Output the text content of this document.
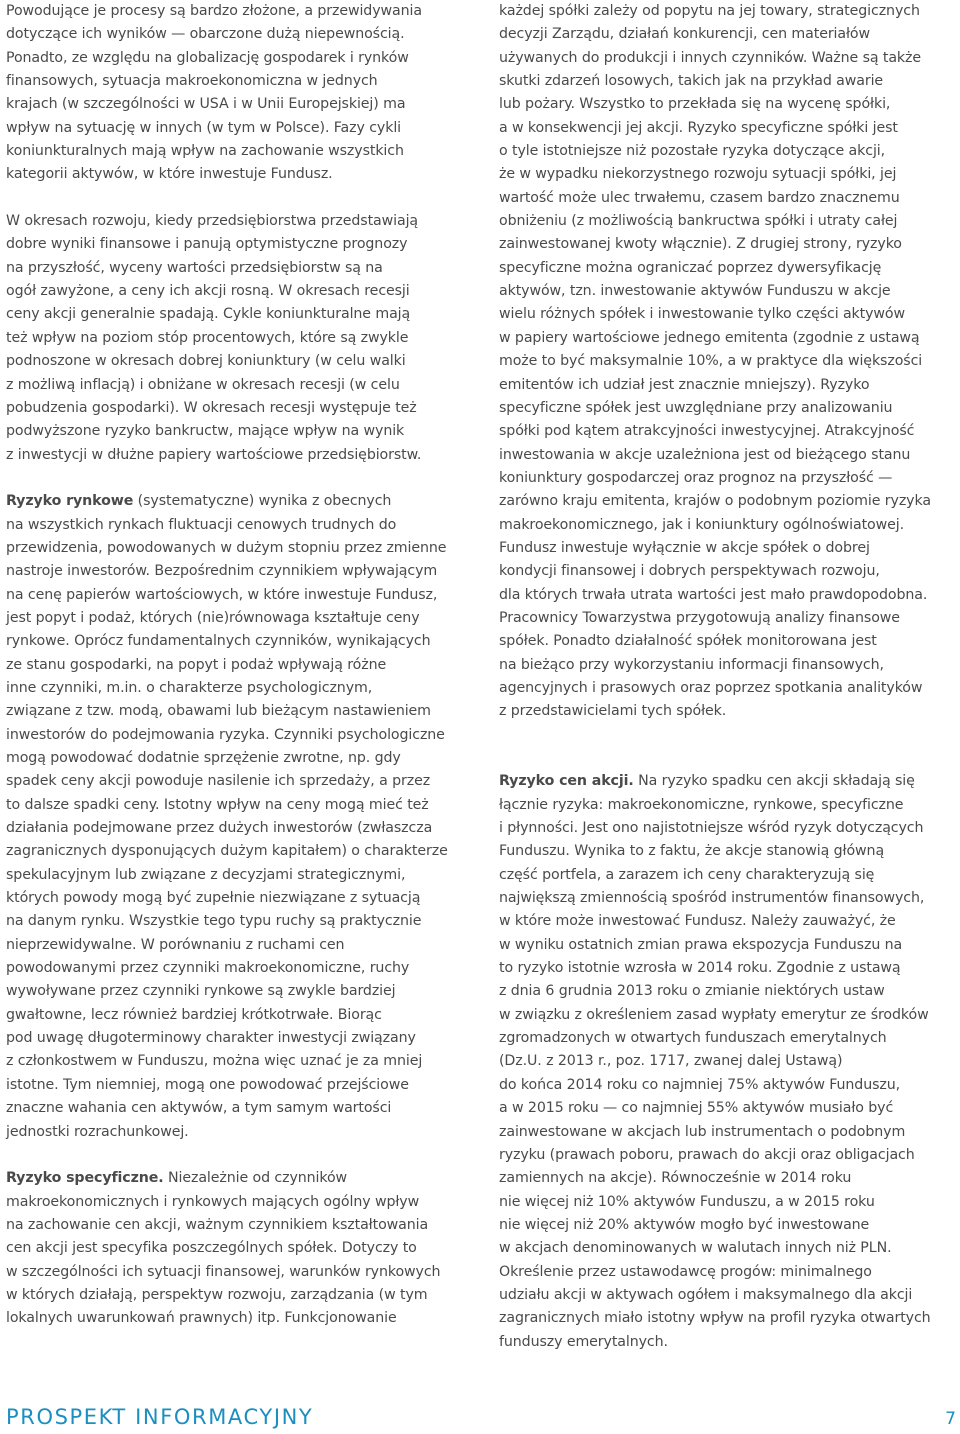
Powodujące je procesy są bardzo złożone, a przewidywania
dotyczące ich wyników — obarczone dużą niepewnością.
Ponadto, ze względu na globalizację gospodarek i rynków
finansowych, sytuacja makroekonomiczna w jednych
krajach (w szczególności w USA i w Unii Europejskiej) ma
wpływ na sytuację w innych (w tym w Polsce). Fazy cykli
koniunkturalnych mają wpływ na zachowanie wszystkich
kategorii aktywów, w które inwestuje Fundusz.
W okresach rozwoju, kiedy przedsiębiorstwa przedstawiają
dobre wyniki finansowe i panują optymistyczne prognozy
na przyszłość, wyceny wartości przedsiębiorstw są na
ogół zawyżone, a ceny ich akcji rosną. W okresach recesji
ceny akcji generalnie spadają. Cykle koniunkturalne mają
też wpływ na poziom stóp procentowych, które są zwykle
podnoszone w okresach dobrej koniunktury (w celu walki
z możliwą inflacją) i obniżane w okresach recesji (w celu
pobudzenia gospodarki). W okresach recesji występuje też
podwyższone ryzyko bankructw, mające wpływ na wynik
z inwestycji w dłużne papiery wartościowe przedsiębiorstw.
Ryzyko rynkowe (systematyczne) wynika z obecnych
na wszystkich rynkach fluktuacji cenowych trudnych do
przewidzenia, powodowanych w dużym stopniu przez zmienne
nastroje inwestorów. Bezpośrednim czynnikiem wpływającym
na cenę papierów wartościowych, w które inwestuje Fundusz,
jest popyt i podaż, których (nie)równowaga kształtuje ceny
rynkowe. Oprócz fundamentalnych czynników, wynikających
ze stanu gospodarki, na popyt i podaż wpływają różne
inne czynniki, m.in. o charakterze psychologicznym,
związane z tzw. modą, obawami lub bieżącym nastawieniem
inwestorów do podejmowania ryzyka. Czynniki psychologiczne
mogą powodować dodatnie sprzężenie zwrotne, np. gdy
spadek ceny akcji powoduje nasilenie ich sprzedaży, a przez
to dalsze spadki ceny. Istotny wpływ na ceny mogą mieć też
działania podejmowane przez dużych inwestorów (zwłaszcza
zagranicznych dysponujących dużym kapitałem) o charakterze
spekulacyjnym lub związane z decyzjami strategicznymi,
których powody mogą być zupełnie niezwiązane z sytuacją
na danym rynku. Wszystkie tego typu ruchy są praktycznie
nieprzewidywalne. W porównaniu z ruchami cen
powodowanymi przez czynniki makroekonomiczne, ruchy
wywoływane przez czynniki rynkowe są zwykle bardziej
gwałtowne, lecz również bardziej krótkotrwałe. Biorąc
pod uwagę długoterminowy charakter inwestycji związany
z członkostwem w Funduszu, można więc uznać je za mniej
istotne. Tym niemniej, mogą one powodować przejściowe
znaczne wahania cen aktywów, a tym samym wartości
jednostki rozrachunkowej.
Ryzyko specyficzne. Niezależnie od czynników
makroekonomicznych i rynkowych mających ogólny wpływ
na zachowanie cen akcji, ważnym czynnikiem kształtowania
cen akcji jest specyfika poszczególnych spółek. Dotyczy to
w szczególności ich sytuacji finansowej, warunków rynkowych
w których działają, perspektyw rozwoju, zarządzania (w tym
lokalnych uwarunkowań prawnych) itp. Funkcjonowanie
każdej spółki zależy od popytu na jej towary, strategicznych
decyzji Zarządu, działań konkurencji, cen materiałów
używanych do produkcji i innych czynników. Ważne są także
skutki zdarzeń losowych, takich jak na przykład awarie
lub pożary. Wszystko to przekłada się na wycenę spółki,
a w konsekwencji jej akcji. Ryzyko specyficzne spółki jest
o tyle istotniejsze niż pozostałe ryzyka dotyczące akcji,
że w wypadku niekorzystnego rozwoju sytuacji spółki, jej
wartość może ulec trwałemu, czasem bardzo znacznemu
obniżeniu (z możliwością bankructwa spółki i utraty całej
zainwestowanej kwoty włącznie). Z drugiej strony, ryzyko
specyficzne można ograniczać poprzez dywersyfikację
aktywów, tzn. inwestowanie aktywów Funduszu w akcje
wielu różnych spółek i inwestowanie tylko części aktywów
w papiery wartościowe jednego emitenta (zgodnie z ustawą
może to być maksymalnie 10%, a w praktyce dla większości
emitentów ich udział jest znacznie mniejszy). Ryzyko
specyficzne spółek jest uwzględniane przy analizowaniu
spółki pod kątem atrakcyjności inwestycyjnej. Atrakcyjność
inwestowania w akcje uzależniona jest od bieżącego stanu
koniunktury gospodarczej oraz prognoz na przyszłość —
zarówno kraju emitenta, krajów o podobnym poziomie ryzyka
makroekonomicznego, jak i koniunktury ogólnoświatowej.
Fundusz inwestuje wyłącznie w akcje spółek o dobrej
kondycji finansowej i dobrych perspektywach rozwoju,
dla których trwała utrata wartości jest mało prawdopodobna.
Pracownicy Towarzystwa przygotowują analizy finansowe
spółek. Ponadto działalność spółek monitorowana jest
na bieżąco przy wykorzystaniu informacji finansowych,
agencyjnych i prasowych oraz poprzez spotkania analityków
z przedstawicielami tych spółek.
Ryzyko cen akcji. Na ryzyko spadku cen akcji składają się
łącznie ryzyka: makroekonomiczne, rynkowe, specyficzne
i płynności. Jest ono najistotniejsze wśród ryzyk dotyczących
Funduszu. Wynika to z faktu, że akcje stanowią główną
część portfela, a zarazem ich ceny charakteryzują się
największą zmiennością spośród instrumentów finansowych,
w które może inwestować Fundusz. Należy zauważyć, że
w wyniku ostatnich zmian prawa ekspozycja Funduszu na
to ryzyko istotnie wzrosła w 2014 roku. Zgodnie z ustawą
z dnia 6 grudnia 2013 roku o zmianie niektórych ustaw
w związku z określeniem zasad wypłaty emerytur ze środków
zgromadzonych w otwartych funduszach emerytalnych
(Dz.U. z 2013 r., poz. 1717, zwanej dalej Ustawą)
do końca 2014 roku co najmniej 75% aktywów Funduszu,
a w 2015 roku — co najmniej 55% aktywów musiało być
zainwestowane w akcjach lub instrumentach o podobnym
ryzyku (prawach poboru, prawach do akcji oraz obligacjach
zamiennych na akcje). Równocześnie w 2014 roku
nie więcej niż 10% aktywów Funduszu, a w 2015 roku
nie więcej niż 20% aktywów mogło być inwestowane
w akcjach denominowanych w walutach innych niż PLN.
Określenie przez ustawodawcę progów: minimalnego
udziału akcji w aktywach ogółem i maksymalnego dla akcji
zagranicznych miało istotny wpływ na profil ryzyka otwartych
funduszy emerytalnych.
PROSPEKT INFORMACYJNY	7
